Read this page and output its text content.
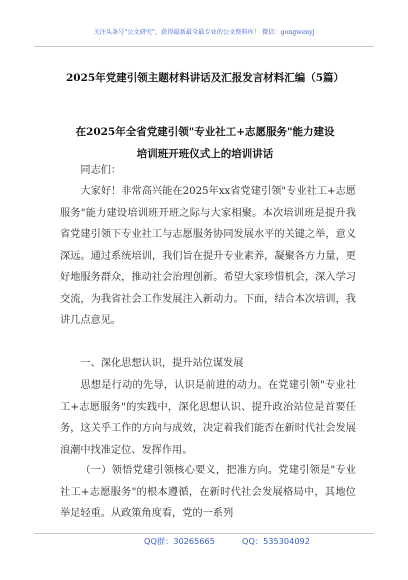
关注头条号"公文研究"，获得最新最全最专业的公文资料库！ 微信：gongwenyj
2025年党建引领主题材料讲话及汇报发言材料汇编（5篇）
在2025年全省党建引领"专业社工+志愿服务"能力建设
培训班开班仪式上的培训讲话

同志们：

大家好！非常高兴能在2025年xx省党建引领"专业社工+志愿服务"能力建设培训班开班之际与大家相聚。本次培训班是提升我省党建引领下专业社工与志愿服务协同发展水平的关键之举，意义深远。通过系统培训，我们旨在提升专业素养，凝聚各方力量，更好地服务群众，推动社会治理创新。希望大家珍惜机会，深入学习交流，为我省社会工作发展注入新动力。下面，结合本次培训，我讲几点意见。

一、深化思想认识，提升站位谋发展

思想是行动的先导，认识是前进的动力。在党建引领"专业社工+志愿服务"的实践中，深化思想认识、提升政治站位是首要任务，这关乎工作的方向与成效，决定着我们能否在新时代社会发展浪潮中找准定位、发挥作用。

（一）领悟党建引领核心要义，把准方向。党建引领是"专业社工+志愿服务"的根本遵循，在新时代社会发展格局中，其地位举足轻重。从政策角度看，党的一系列

QQ群：30265665	QQ：535304092
